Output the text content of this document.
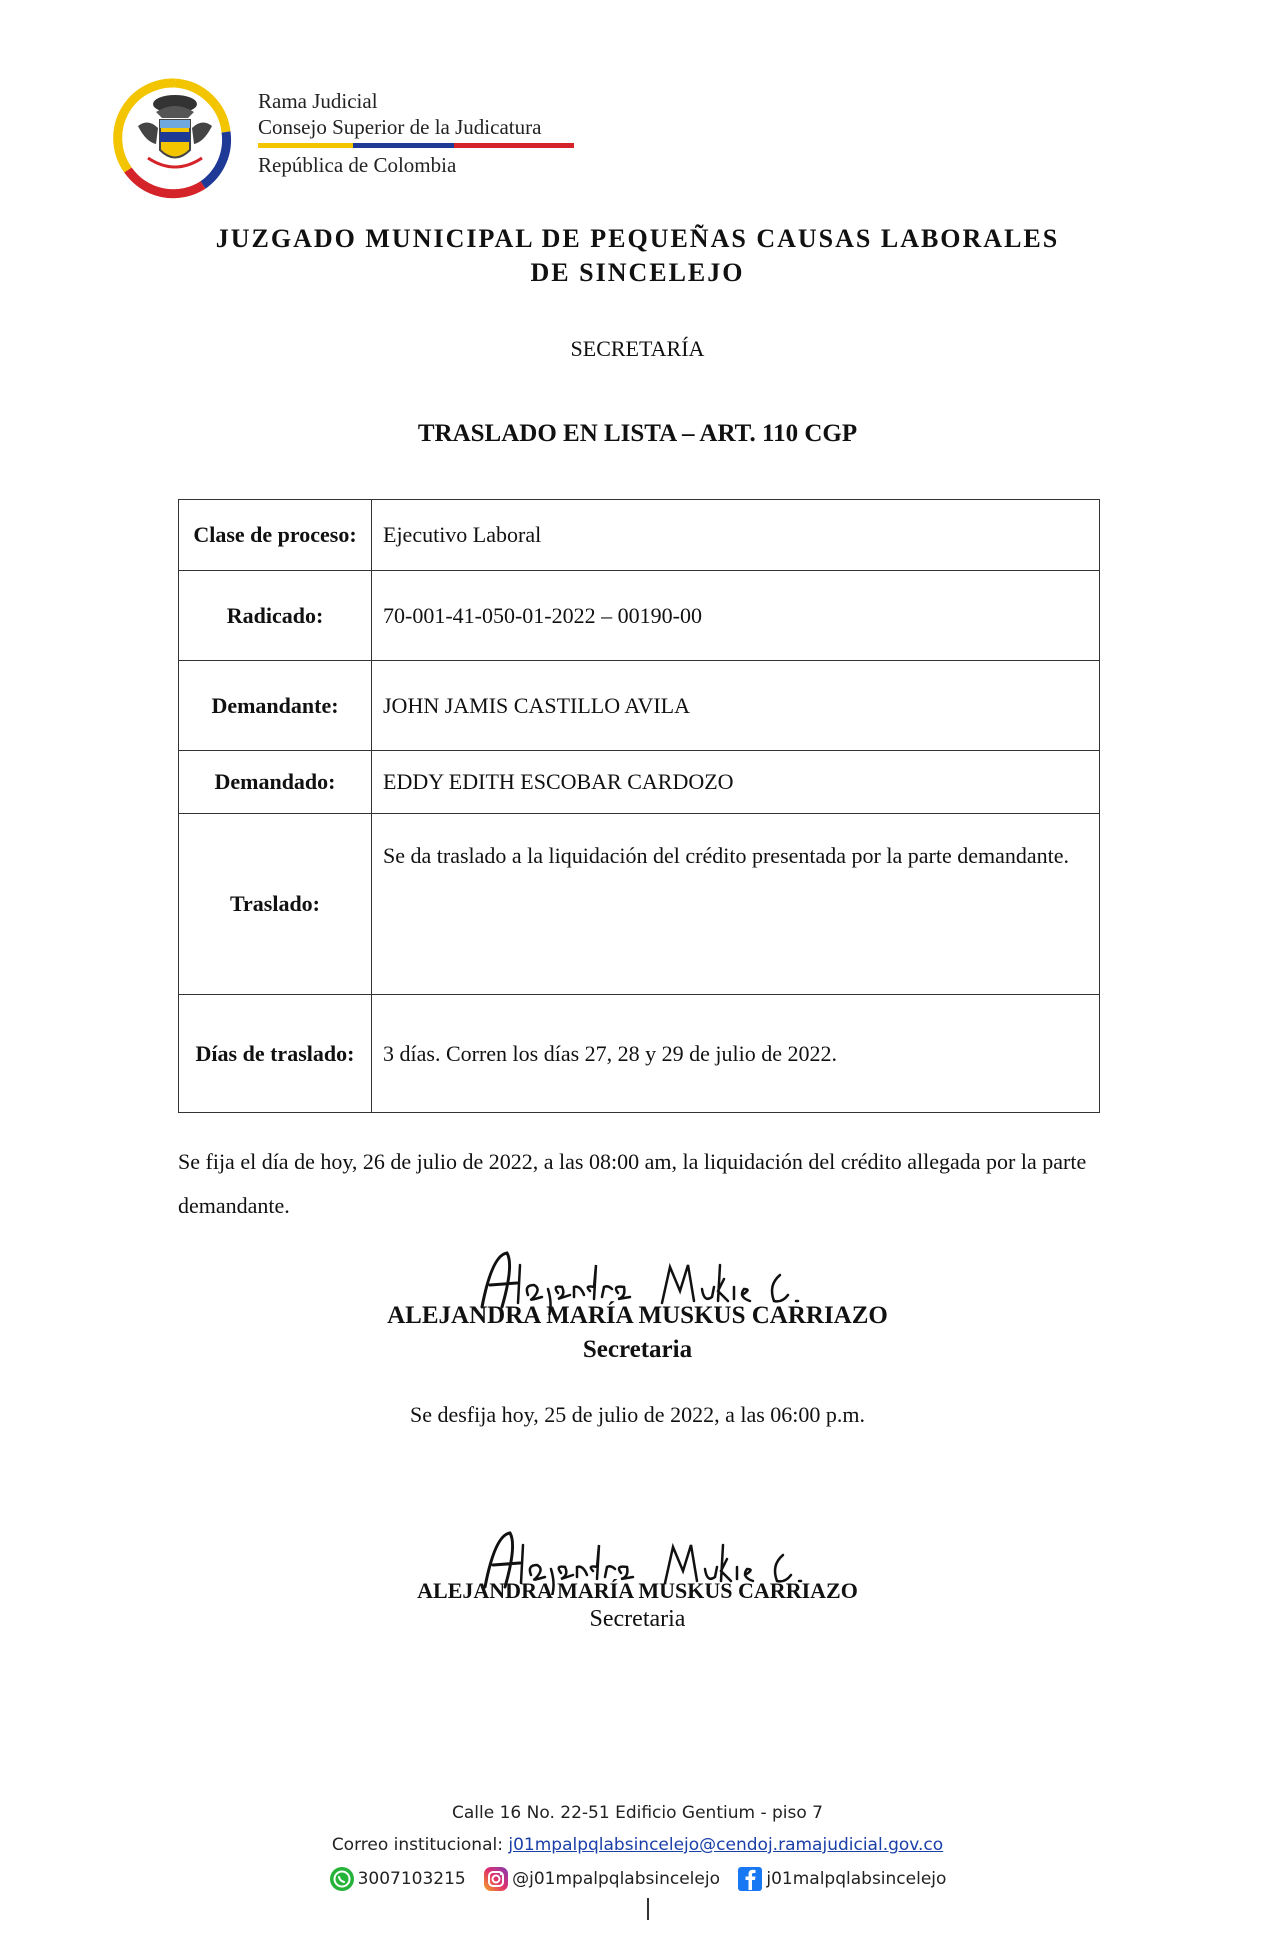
Rama Judicial
Consejo Superior de la Judicatura
República de Colombia
JUZGADO MUNICIPAL DE PEQUEÑAS CAUSAS LABORALES
DE SINCELEJO
SECRETARÍA
TRASLADO EN LISTA – ART. 110 CGP
Clase de proceso:	Ejecutivo Laboral
Radicado:	70-001-41-050-01-2022 – 00190-00
Demandante:	JOHN JAMIS CASTILLO AVILA
Demandado:	EDDY EDITH ESCOBAR CARDOZO
Traslado:	Se da traslado a la liquidación del crédito presentada por la parte demandante.
Días de traslado:	3 días. Corren los días 27, 28 y 29 de julio de 2022.
Se fija el día de hoy, 26 de julio de 2022, a las 08:00 am, la liquidación del crédito allegada por la parte demandante.
ALEJANDRA MARÍA MUSKUS CARRIAZO
Secretaria
Se desfija hoy, 25 de julio de 2022, a las 06:00 p.m.
ALEJANDRA MARÍA MUSKUS CARRIAZO
Secretaria
Calle 16 No. 22-51 Edificio Gentium - piso 7
Correo institucional: j01mpalpqlabsincelejo@cendoj.ramajudicial.gov.co
3007103215	@j01mpalpqlabsincelejo	j01malpqlabsincelejo
